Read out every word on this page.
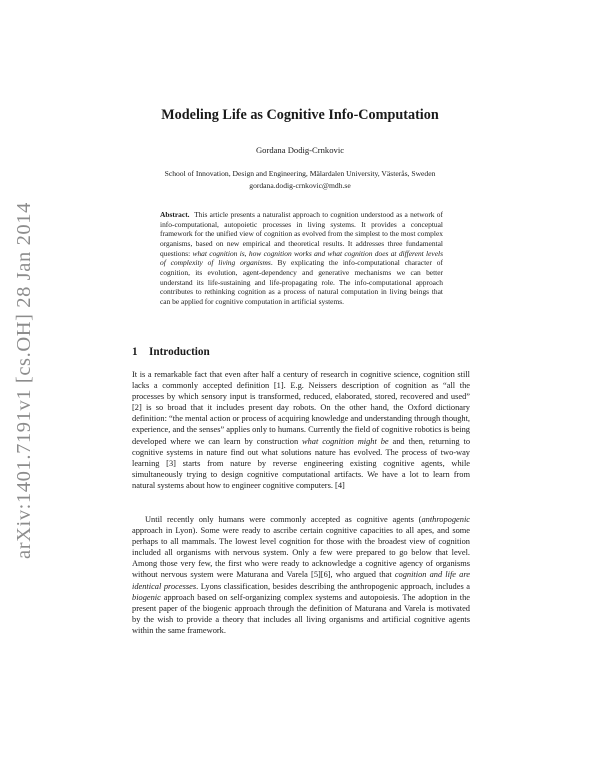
arXiv:1401.7191v1 [cs.OH] 28 Jan 2014
Modeling Life as Cognitive Info-Computation

Gordana Dodig-Crnkovic

School of Innovation, Design and Engineering, Mälardalen University, Västerås, Sweden
gordana.dodig-crnkovic@mdh.se

Abstract. This article presents a naturalist approach to cognition understood as a network of info-computational, autopoietic processes in living systems. It provides a conceptual framework for the unified view of cognition as evolved from the simplest to the most complex organisms, based on new empirical and theoretical results. It addresses three fundamental questions: what cognition is, how cognition works and what cognition does at different levels of complexity of living organisms. By explicating the info-computational character of cognition, its evolution, agent-dependency and generative mechanisms we can better understand its life-sustaining and life-propagating role. The info-computational approach contributes to rethinking cognition as a process of natural computation in living beings that can be applied for cognitive computation in artificial systems.

1 Introduction

It is a remarkable fact that even after half a century of research in cognitive science, cognition still lacks a commonly accepted definition [1]. E.g. Neissers description of cognition as “all the processes by which sensory input is transformed, reduced, elaborated, stored, recovered and used” [2] is so broad that it includes present day robots. On the other hand, the Oxford dictionary definition: “the mental action or process of acquiring knowledge and understanding through thought, experience, and the senses” applies only to humans. Currently the field of cognitive robotics is being developed where we can learn by construction what cognition might be and then, returning to cognitive systems in nature find out what solutions nature has evolved. The process of two-way learning [3] starts from nature by reverse engineering existing cognitive agents, while simultaneously trying to design cognitive computational artifacts. We have a lot to learn from natural systems about how to engineer cognitive computers. [4]

Until recently only humans were commonly accepted as cognitive agents (anthropogenic approach in Lyon). Some were ready to ascribe certain cognitive capacities to all apes, and some perhaps to all mammals. The lowest level cognition for those with the broadest view of cognition included all organisms with nervous system. Only a few were prepared to go below that level. Among those very few, the first who were ready to acknowledge a cognitive agency of organisms without nervous system were Maturana and Varela [5][6], who argued that cognition and life are identical processes. Lyons classification, besides describing the anthropogenic approach, includes a biogenic approach based on self-organizing complex systems and autopoiesis. The adoption in the present paper of the biogenic approach through the definition of Maturana and Varela is motivated by the wish to provide a theory that includes all living organisms and artificial cognitive agents within the same framework.
